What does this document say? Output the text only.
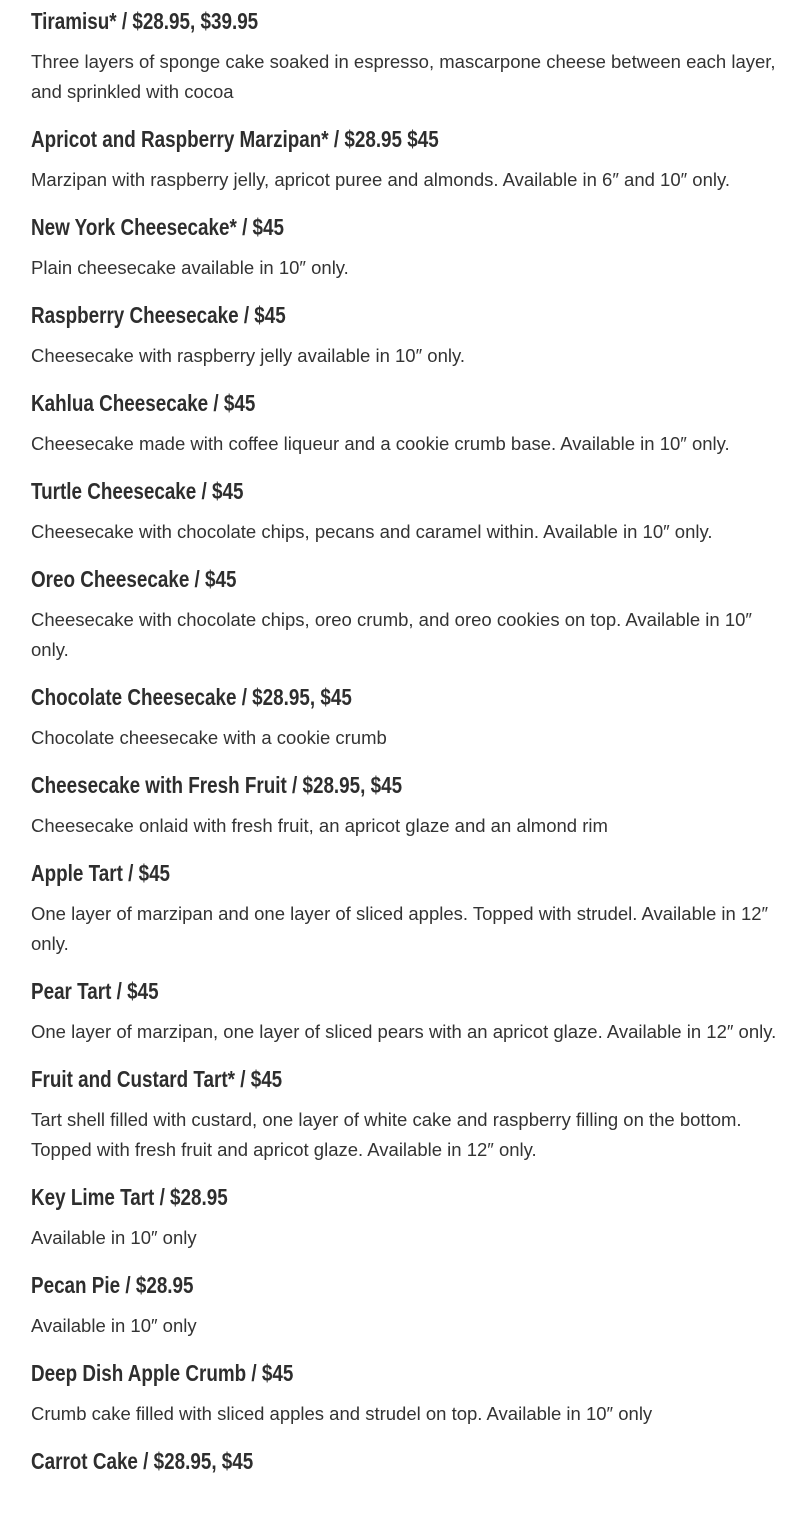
Tiramisu* / $28.95, $39.95
Three layers of sponge cake soaked in espresso, mascarpone cheese between each layer, and sprinkled with cocoa
Apricot and Raspberry Marzipan* / $28.95 $45
Marzipan with raspberry jelly, apricot puree and almonds. Available in 6″ and 10″ only.
New York Cheesecake* / $45
Plain cheesecake available in 10″ only.
Raspberry Cheesecake / $45
Cheesecake with raspberry jelly available in 10″ only.
Kahlua Cheesecake / $45
Cheesecake made with coffee liqueur and a cookie crumb base. Available in 10″ only.
Turtle Cheesecake / $45
Cheesecake with chocolate chips, pecans and caramel within. Available in 10″ only.
Oreo Cheesecake / $45
Cheesecake with chocolate chips, oreo crumb, and oreo cookies on top. Available in 10″ only.
Chocolate Cheesecake / $28.95, $45
Chocolate cheesecake with a cookie crumb
Cheesecake with Fresh Fruit / $28.95, $45
Cheesecake onlaid with fresh fruit, an apricot glaze and an almond rim
Apple Tart / $45
One layer of marzipan and one layer of sliced apples. Topped with strudel. Available in 12″ only.
Pear Tart / $45
One layer of marzipan, one layer of sliced pears with an apricot glaze. Available in 12″ only.
Fruit and Custard Tart* / $45
Tart shell filled with custard, one layer of white cake and raspberry filling on the bottom. Topped with fresh fruit and apricot glaze. Available in 12″ only.
Key Lime Tart / $28.95
Available in 10″ only
Pecan Pie / $28.95
Available in 10″ only
Deep Dish Apple Crumb / $45
Crumb cake filled with sliced apples and strudel on top. Available in 10″ only
Carrot Cake / $28.95, $45
